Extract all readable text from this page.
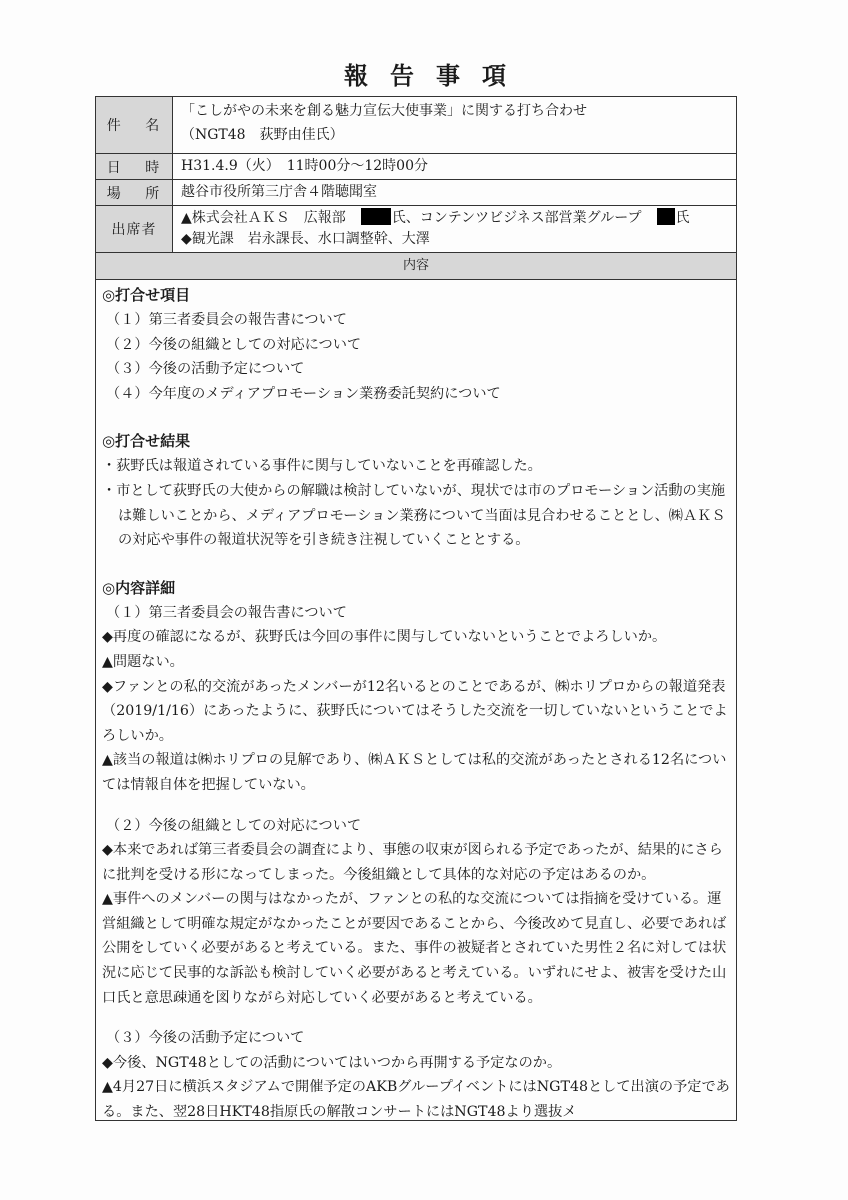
報告事項
件 名
「こしがやの未来を創る魅力宣伝大使事業」に関する打ち合わせ
（NGT48　荻野由佳氏）
日 時 H31.4.9（火）　11時00分～12時00分
場 所 越谷市役所第三庁舎４階聴聞室
出席者
▲株式会社ＡＫＳ　広報部　氏、コンテンツビジネス部営業グループ　氏
◆観光課　岩永課長、水口調整幹、大澤
内容
◎打合せ項目
（１）第三者委員会の報告書について
（２）今後の組織としての対応について
（３）今後の活動予定について
（４）今年度のメディアプロモーション業務委託契約について
◎打合せ結果
・荻野氏は報道されている事件に関与していないことを再確認した。
・市として荻野氏の大使からの解職は検討していないが、現状では市のプロモーション活動の実施は難しいことから、メディアプロモーション業務について当面は見合わせることとし、㈱ＡＫＳの対応や事件の報道状況等を引き続き注視していくこととする。
◎内容詳細
（１）第三者委員会の報告書について
◆再度の確認になるが、荻野氏は今回の事件に関与していないということでよろしいか。
▲問題ない。
◆ファンとの私的交流があったメンバーが12名いるとのことであるが、㈱ホリプロからの報道発表（2019/1/16）にあったように、荻野氏についてはそうした交流を一切していないということでよろしいか。
▲該当の報道は㈱ホリプロの見解であり、㈱ＡＫＳとしては私的交流があったとされる12名については情報自体を把握していない。
（２）今後の組織としての対応について
◆本来であれば第三者委員会の調査により、事態の収束が図られる予定であったが、結果的にさらに批判を受ける形になってしまった。今後組織として具体的な対応の予定はあるのか。
▲事件へのメンバーの関与はなかったが、ファンとの私的な交流については指摘を受けている。運営組織として明確な規定がなかったことが要因であることから、今後改めて見直し、必要であれば公開をしていく必要があると考えている。また、事件の被疑者とされていた男性２名に対しては状況に応じて民事的な訴訟も検討していく必要があると考えている。いずれにせよ、被害を受けた山口氏と意思疎通を図りながら対応していく必要があると考えている。
（３）今後の活動予定について
◆今後、NGT48としての活動についてはいつから再開する予定なのか。
▲4月27日に横浜スタジアムで開催予定のAKBグループイベントにはNGT48として出演の予定である。また、翌28日HKT48指原氏の解散コンサートにはNGT48より選抜メ
